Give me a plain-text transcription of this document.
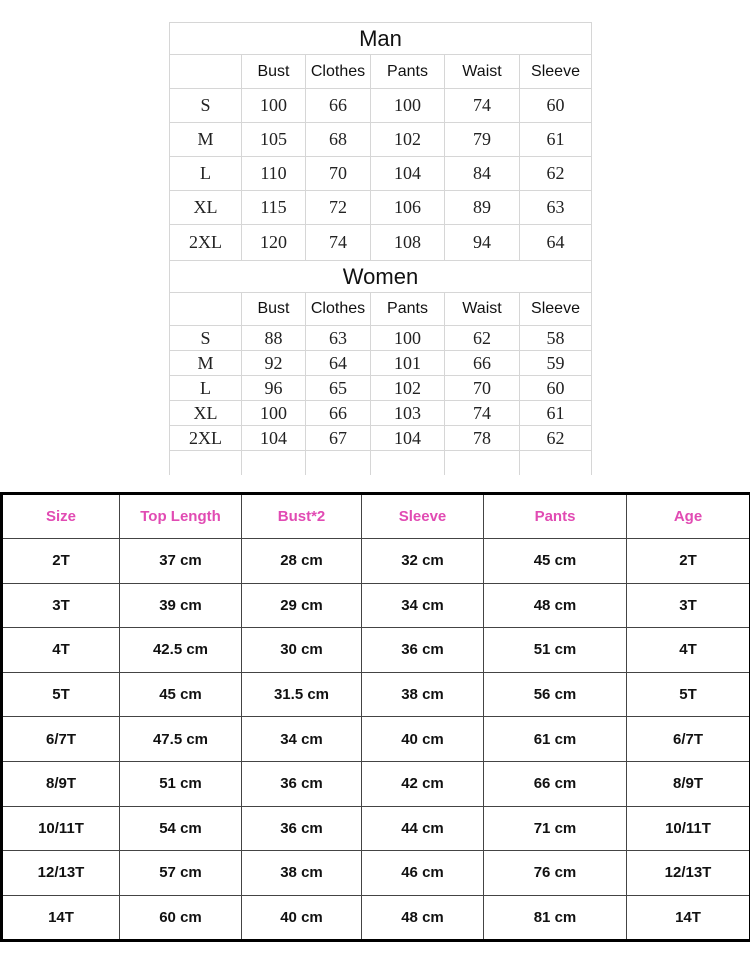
Man					
	Bust	Clothes	Pants	Waist	Sleeve
S	100	66	100	74	60
M	105	68	102	79	61
L	110	70	104	84	62
XL	115	72	106	89	63
2XL	120	74	108	94	64
Women					
	Bust	Clothes	Pants	Waist	Sleeve
S	88	63	100	62	58
M	92	64	101	66	59
L	96	65	102	70	60
XL	100	66	103	74	61
2XL	104	67	104	78	62

Size	Top Length	Bust*2	Sleeve	Pants	Age
2T	37 cm	28 cm	32 cm	45 cm	2T
3T	39 cm	29 cm	34 cm	48 cm	3T
4T	42.5 cm	30 cm	36 cm	51 cm	4T
5T	45 cm	31.5 cm	38 cm	56 cm	5T
6/7T	47.5 cm	34 cm	40 cm	61 cm	6/7T
8/9T	51 cm	36 cm	42 cm	66 cm	8/9T
10/11T	54 cm	36 cm	44 cm	71 cm	10/11T
12/13T	57 cm	38 cm	46 cm	76 cm	12/13T
14T	60 cm	40 cm	48 cm	81 cm	14T
